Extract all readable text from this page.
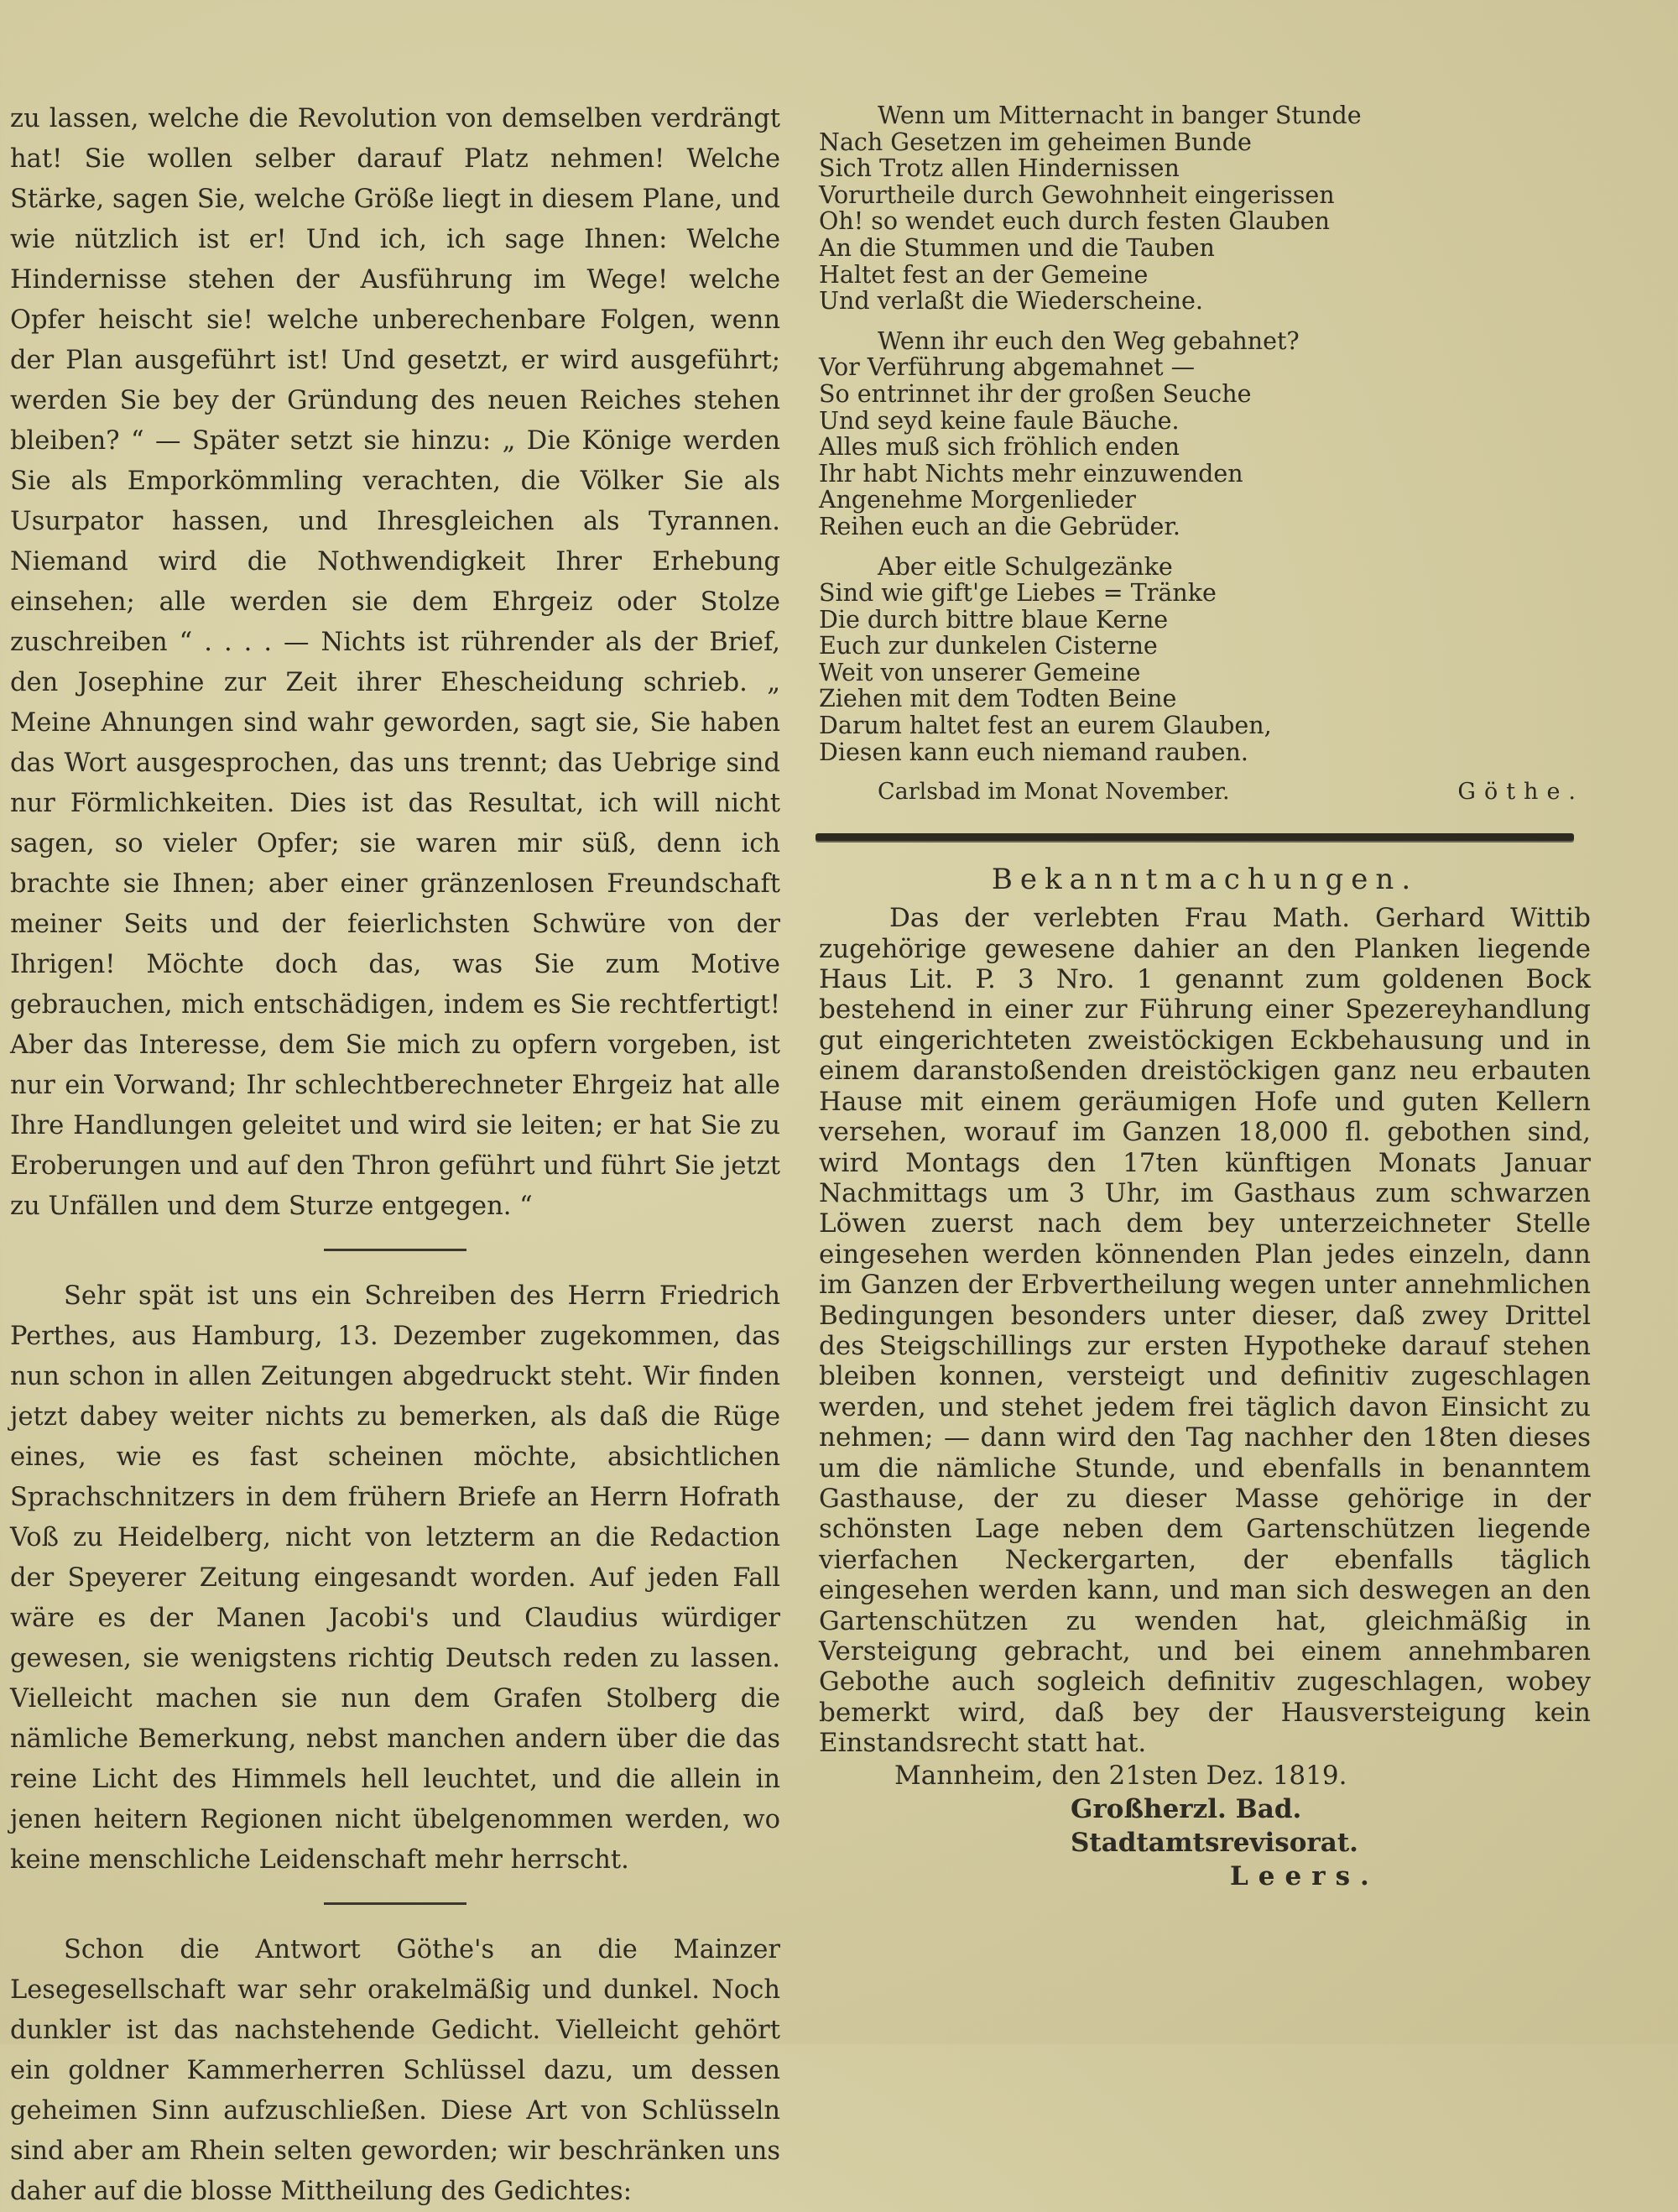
zu lassen, welche die Revolution von demselben verdrängt hat! Sie wollen selber darauf Platz nehmen! Welche Stärke, sagen Sie, welche Größe liegt in diesem Plane, und wie nützlich ist er! Und ich, ich sage Ihnen: Welche Hindernisse stehen der Ausführung im Wege! welche Opfer heischt sie! welche unberechenbare Folgen, wenn der Plan ausgeführt ist! Und gesetzt, er wird ausgeführt; werden Sie bey der Gründung des neuen Reiches stehen bleiben? “ — Später setzt sie hinzu: „ Die Könige werden Sie als Emporkömmling verachten, die Völker Sie als Usurpator hassen, und Ihresgleichen als Tyrannen. Niemand wird die Nothwendigkeit Ihrer Erhebung einsehen; alle werden sie dem Ehrgeiz oder Stolze zuschreiben “ . . . . — Nichts ist rührender als der Brief, den Josephine zur Zeit ihrer Ehescheidung schrieb. „ Meine Ahnungen sind wahr geworden, sagt sie, Sie haben das Wort ausgesprochen, das uns trennt; das Uebrige sind nur Förmlichkeiten. Dies ist das Resultat, ich will nicht sagen, so vieler Opfer; sie waren mir süß, denn ich brachte sie Ihnen; aber einer gränzenlosen Freundschaft meiner Seits und der feierlichsten Schwüre von der Ihrigen! Möchte doch das, was Sie zum Motive gebrauchen, mich entschädigen, indem es Sie rechtfertigt! Aber das Interesse, dem Sie mich zu opfern vorgeben, ist nur ein Vorwand; Ihr schlechtberechneter Ehrgeiz hat alle Ihre Handlungen geleitet und wird sie leiten; er hat Sie zu Eroberungen und auf den Thron geführt und führt Sie jetzt zu Unfällen und dem Sturze entgegen. “

Sehr spät ist uns ein Schreiben des Herrn Friedrich Perthes, aus Hamburg, 13. Dezember zugekommen, das nun schon in allen Zeitungen abgedruckt steht. Wir finden jetzt dabey weiter nichts zu bemerken, als daß die Rüge eines, wie es fast scheinen möchte, absichtlichen Sprachschnitzers in dem frühern Briefe an Herrn Hofrath Voß zu Heidelberg, nicht von letzterm an die Redaction der Speyerer Zeitung eingesandt worden. Auf jeden Fall wäre es der Manen Jacobi's und Claudius würdiger gewesen, sie wenigstens richtig Deutsch reden zu lassen. Vielleicht machen sie nun dem Grafen Stolberg die nämliche Bemerkung, nebst manchen andern über die das reine Licht des Himmels hell leuchtet, und die allein in jenen heitern Regionen nicht übelgenommen werden, wo keine menschliche Leidenschaft mehr herrscht.

Schon die Antwort Göthe's an die Mainzer Lesegesellschaft war sehr orakelmäßig und dunkel. Noch dunkler ist das nachstehende Gedicht. Vielleicht gehört ein goldner Kammerherren Schlüssel dazu, um dessen geheimen Sinn aufzuschließen. Diese Art von Schlüsseln sind aber am Rhein selten geworden; wir beschränken uns daher auf die blosse Mittheilung des Gedichtes:

Wenn um Mitternacht in banger Stunde
Nach Gesetzen im geheimen Bunde
Sich Trotz allen Hindernissen
Vorurtheile durch Gewohnheit eingerissen
Oh! so wendet euch durch festen Glauben
An die Stummen und die Tauben
Haltet fest an der Gemeine
Und verlaßt die Wiederscheine.
Wenn ihr euch den Weg gebahnet?
Vor Verführung abgemahnet —
So entrinnet ihr der großen Seuche
Und seyd keine faule Bäuche.
Alles muß sich fröhlich enden
Ihr habt Nichts mehr einzuwenden
Angenehme Morgenlieder
Reihen euch an die Gebrüder.
Aber eitle Schulgezänke
Sind wie gift'ge Liebes = Tränke
Die durch bittre blaue Kerne
Euch zur dunkelen Cisterne
Weit von unserer Gemeine
Ziehen mit dem Todten Beine
Darum haltet fest an eurem Glauben,
Diesen kann euch niemand rauben.
Carlsbad im Monat November.	Göthe.
Bekanntmachungen.

Das der verlebten Frau Math. Gerhard Wittib zugehörige gewesene dahier an den Planken liegende Haus Lit. P. 3 Nro. 1 genannt zum goldenen Bock bestehend in einer zur Führung einer Spezereyhandlung gut eingerichteten zweistöckigen Eckbehausung und in einem daranstoßenden dreistöckigen ganz neu erbauten Hause mit einem geräumigen Hofe und guten Kellern versehen, worauf im Ganzen 18,000 fl. gebothen sind, wird Montags den 17ten künftigen Monats Januar Nachmittags um 3 Uhr, im Gasthaus zum schwarzen Löwen zuerst nach dem bey unterzeichneter Stelle eingesehen werden könnenden Plan jedes einzeln, dann im Ganzen der Erbvertheilung wegen unter annehmlichen Bedingungen besonders unter dieser, daß zwey Drittel des Steigschillings zur ersten Hypotheke darauf stehen bleiben konnen, versteigt und definitiv zugeschlagen werden, und stehet jedem frei täglich davon Einsicht zu nehmen; — dann wird den Tag nachher den 18ten dieses um die nämliche Stunde, und ebenfalls in benanntem Gasthause, der zu dieser Masse gehörige in der schönsten Lage neben dem Gartenschützen liegende vierfachen Neckergarten, der ebenfalls täglich eingesehen werden kann, und man sich deswegen an den Gartenschützen zu wenden hat, gleichmäßig in Versteigung gebracht, und bei einem annehmbaren Gebothe auch sogleich definitiv zugeschlagen, wobey bemerkt wird, daß bey der Hausversteigung kein Einstandsrecht statt hat.

Mannheim, den 21sten Dez. 1819.
Großherzl. Bad. Stadtamtsrevisorat.
Leers.
